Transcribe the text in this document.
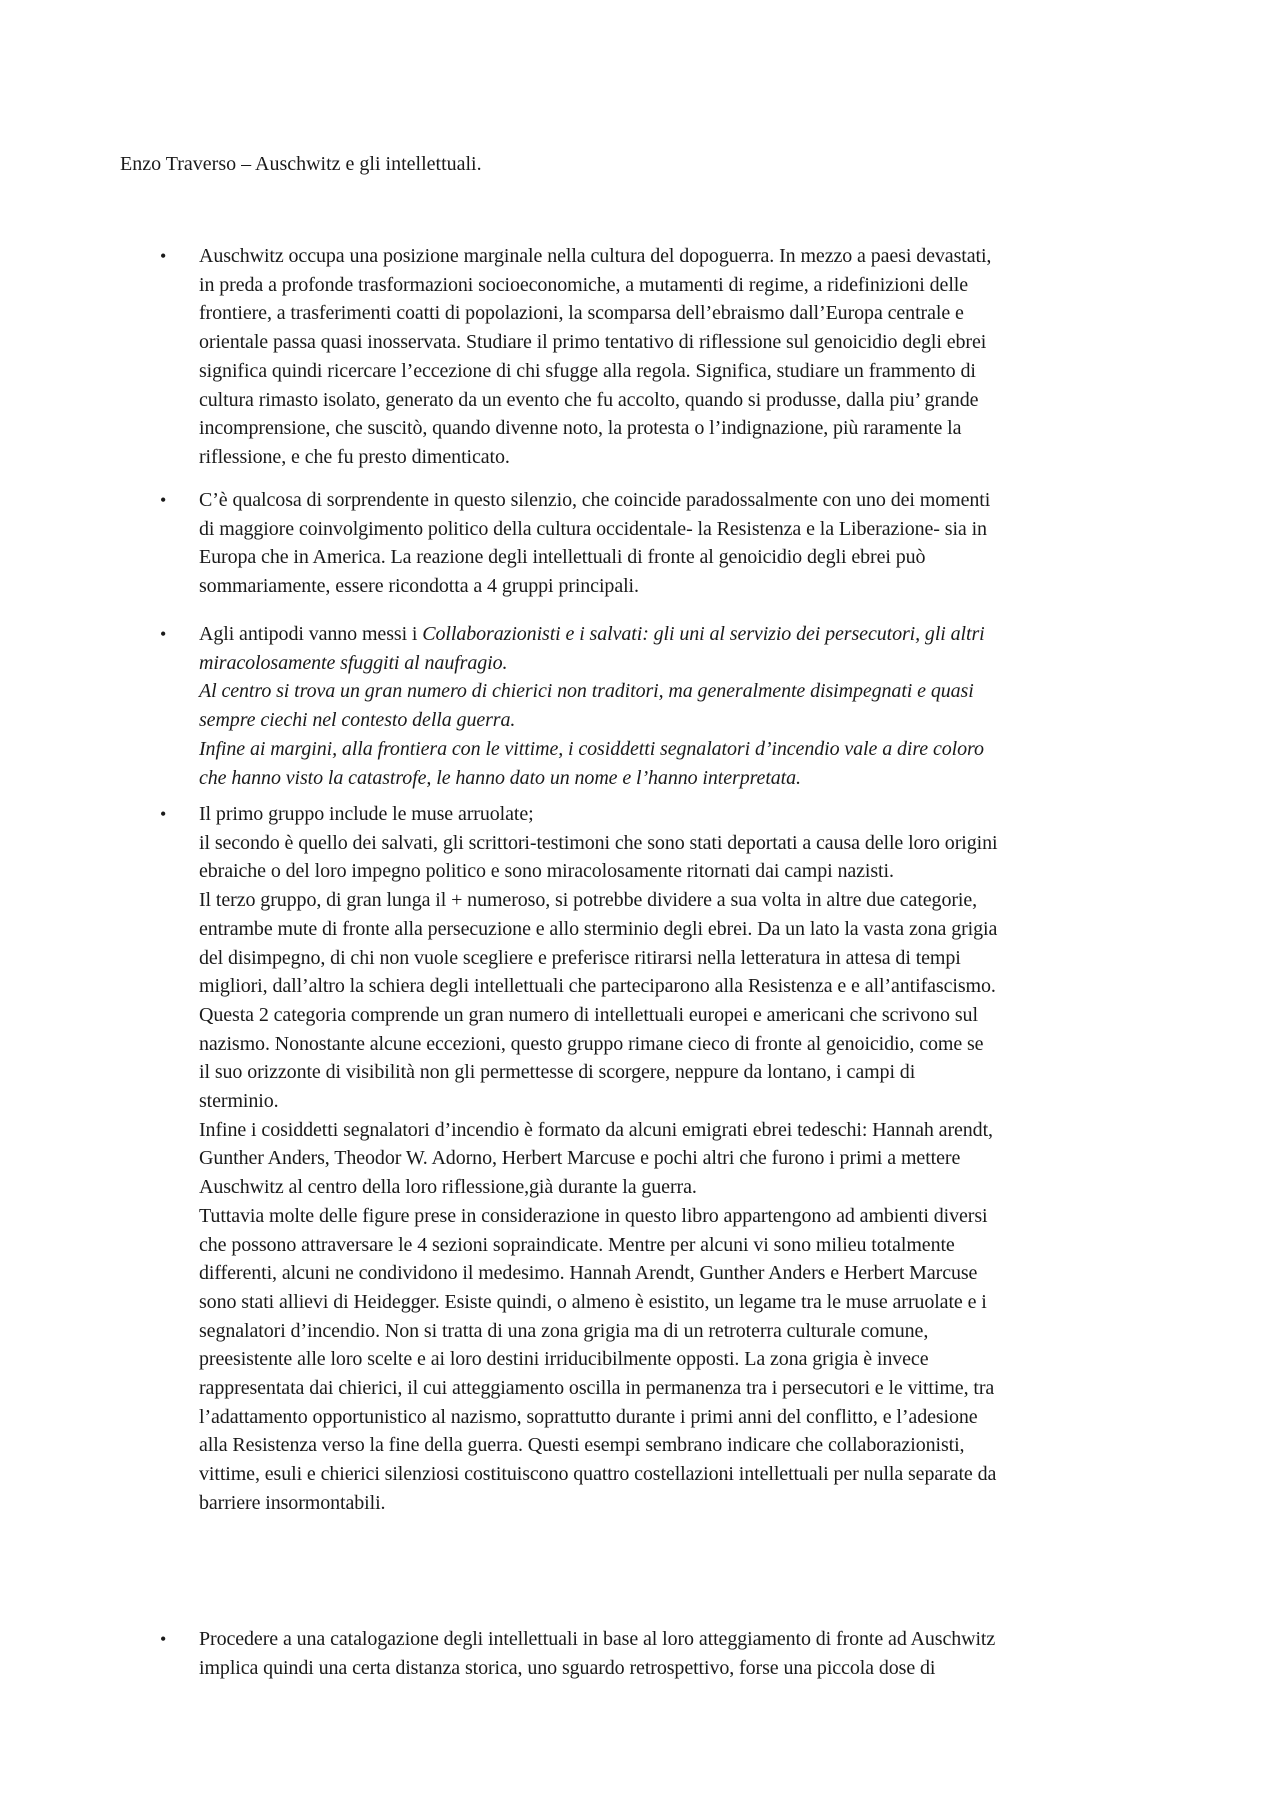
Enzo Traverso – Auschwitz e gli intellettuali.
•	Auschwitz occupa una posizione marginale nella cultura del dopoguerra. In mezzo a paesi devastati,
in preda a profonde trasformazioni socioeconomiche, a mutamenti di regime, a ridefinizioni delle
frontiere, a trasferimenti coatti di popolazioni, la scomparsa dell’ebraismo dall’Europa centrale e
orientale passa quasi inosservata. Studiare il primo tentativo di riflessione sul genoicidio degli ebrei
significa quindi ricercare l’eccezione di chi sfugge alla regola. Significa, studiare un frammento di
cultura rimasto isolato, generato da un evento che fu accolto, quando si produsse, dalla piu’ grande
incomprensione, che suscitò, quando divenne noto, la protesta o l’indignazione, più raramente la
riflessione, e che fu presto dimenticato.
•	C’è qualcosa di sorprendente in questo silenzio, che coincide paradossalmente con uno dei momenti
di maggiore coinvolgimento politico della cultura occidentale- la Resistenza e la Liberazione- sia in
Europa che in America. La reazione degli intellettuali di fronte al genoicidio degli ebrei può
sommariamente, essere ricondotta a 4 gruppi principali.
•	Agli antipodi vanno messi i Collaborazionisti e i salvati: gli uni al servizio dei persecutori, gli altri
miracolosamente sfuggiti al naufragio.
Al centro si trova un gran numero di chierici non traditori, ma generalmente disimpegnati e quasi
sempre ciechi nel contesto della guerra.
Infine ai margini, alla frontiera con le vittime, i cosiddetti segnalatori d’incendio vale a dire coloro
che hanno visto la catastrofe, le hanno dato un nome e l’hanno interpretata.
•	Il primo gruppo include le muse arruolate;
il secondo è quello dei salvati, gli scrittori-testimoni che sono stati deportati a causa delle loro origini
ebraiche o del loro impegno politico e sono miracolosamente ritornati dai campi nazisti.
Il terzo gruppo, di gran lunga il + numeroso, si potrebbe dividere a sua volta in altre due categorie,
entrambe mute di fronte alla persecuzione e allo sterminio degli ebrei. Da un lato la vasta zona grigia
del disimpegno, di chi non vuole scegliere e preferisce ritirarsi nella letteratura in attesa di tempi
migliori, dall’altro la schiera degli intellettuali che parteciparono alla Resistenza e e all’antifascismo.
Questa 2 categoria comprende un gran numero di intellettuali europei e americani che scrivono sul
nazismo. Nonostante alcune eccezioni, questo gruppo rimane cieco di fronte al genoicidio, come se
il suo orizzonte di visibilità non gli permettesse di scorgere, neppure da lontano, i campi di
sterminio.
Infine i cosiddetti segnalatori d’incendio è formato da alcuni emigrati ebrei tedeschi: Hannah arendt,
Gunther Anders, Theodor W. Adorno, Herbert Marcuse e pochi altri che furono i primi a mettere
Auschwitz al centro della loro riflessione,già durante la guerra.
Tuttavia molte delle figure prese in considerazione in questo libro appartengono ad ambienti diversi
che possono attraversare le 4 sezioni sopraindicate. Mentre per alcuni vi sono milieu totalmente
differenti, alcuni ne condividono il medesimo. Hannah Arendt, Gunther Anders e Herbert Marcuse
sono stati allievi di Heidegger. Esiste quindi, o almeno è esistito, un legame tra le muse arruolate e i
segnalatori d’incendio. Non si tratta di una zona grigia ma di un retroterra culturale comune,
preesistente alle loro scelte e ai loro destini irriducibilmente opposti. La zona grigia è invece
rappresentata dai chierici, il cui atteggiamento oscilla in permanenza tra i persecutori e le vittime, tra
l’adattamento opportunistico al nazismo, soprattutto durante i primi anni del conflitto, e l’adesione
alla Resistenza verso la fine della guerra. Questi esempi sembrano indicare che collaborazionisti,
vittime, esuli e chierici silenziosi costituiscono quattro costellazioni intellettuali per nulla separate da
barriere insormontabili.
•	Procedere a una catalogazione degli intellettuali in base al loro atteggiamento di fronte ad Auschwitz
implica quindi una certa distanza storica, uno sguardo retrospettivo, forse una piccola dose di
